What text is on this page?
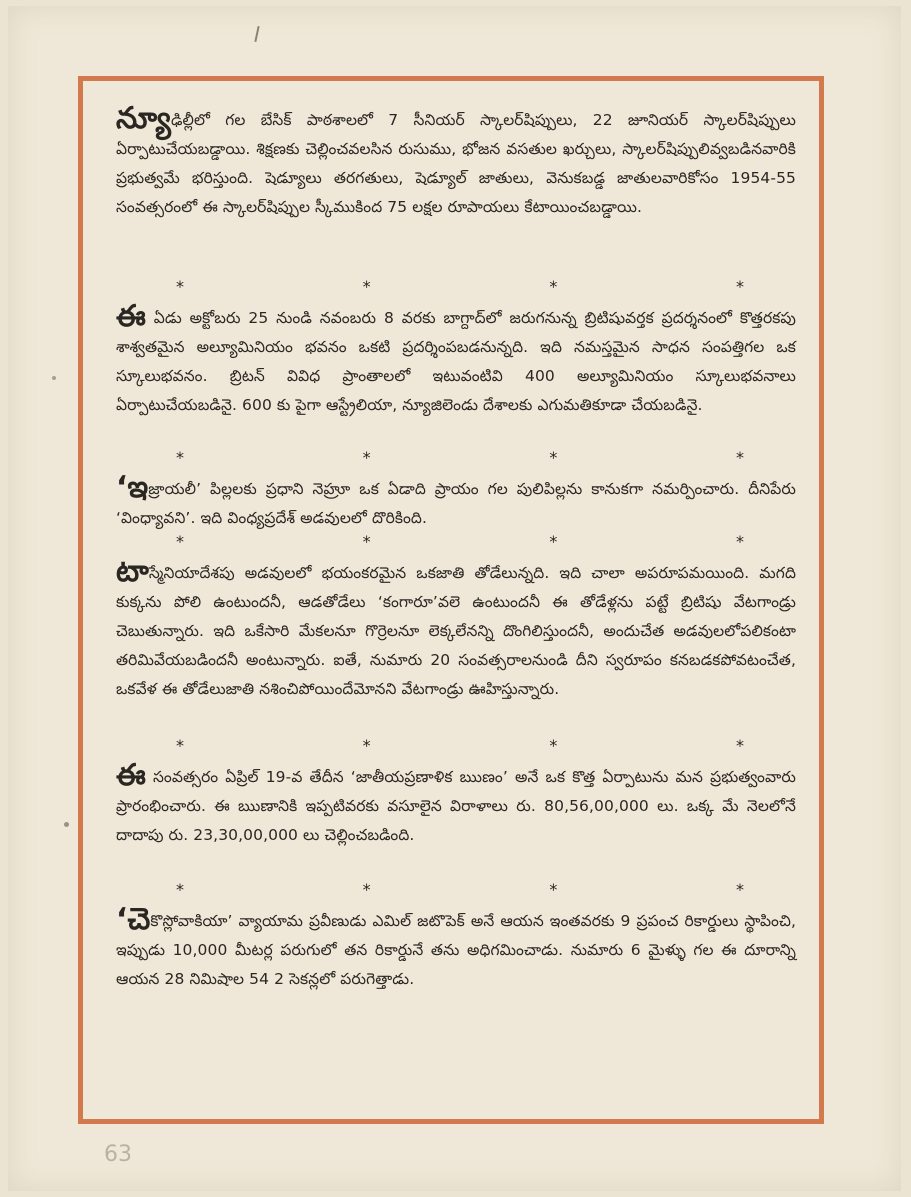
న్యూఢిల్లీలో గల బేసిక్ పాఠశాలలో 7 సీనియర్ స్కాలర్‌షిప్పులు, 22 జూనియర్ స్కాలర్‌షిప్పులు ఏర్పాటుచేయబడ్డాయి. శిక్షణకు చెల్లించవలసిన రుసుము, భోజన వసతుల ఖర్చులు, స్కాలర్‌షిప్పులివ్వబడినవారికి ప్రభుత్వమే భరిస్తుంది. షెడ్యూలు తరగతులు, షెడ్యూల్ జాతులు, వెనుకబడ్డ జాతులవారికోసం 1954-55 సంవత్సరంలో ఈ స్కాలర్‌షిప్పుల స్కీముకింద 75 లక్షల రూపాయలు కేటాయించబడ్డాయి.

*	*	*	*

ఈ ఏడు అక్టోబరు 25 నుండి నవంబరు 8 వరకు బాగ్దాద్‌లో జరుగనున్న బ్రిటిషువర్తక ప్రదర్శనంలో కొత్తరకపు శాశ్వతమైన అల్యూమినియం భవనం ఒకటి ప్రదర్శింపబడనున్నది. ఇది నమస్తమైన సాధన సంపత్తిగల ఒక స్కూలుభవనం. బ్రిటన్ వివిధ ప్రాంతాలలో ఇటువంటివి 400 అల్యూమినియం స్కూలుభవనాలు ఏర్పాటుచేయబడినై. 600 కు పైగా ఆస్ట్రేలియా, న్యూజిలెండు దేశాలకు ఎగుమతికూడా చేయబడినై.

*	*	*	*

‘ఇజ్రాయలీ’ పిల్లలకు ప్రధాని నెహ్రూ ఒక ఏడాది ప్రాయం గల పులిపిల్లను కానుకగా నమర్పించారు. దీనిపేరు ‘వింధ్యావని’. ఇది వింధ్యప్రదేశ్ అడవులలో దొరికింది.

*	*	*	*

టాస్మేనియాదేశపు అడవులలో భయంకరమైన ఒకజాతి తోడేలున్నది. ఇది చాలా అపరూపమయింది. మగది కుక్కను పోలి ఉంటుందనీ, ఆడతోడేలు ‘కంగారూ’వలె ఉంటుందనీ ఈ తోడేళ్లను పట్టే బ్రిటిషు వేటగాండ్రు చెబుతున్నారు. ఇది ఒకేసారి మేకలనూ గొర్రెలనూ లెక్కలేనన్ని దొంగిలిస్తుందనీ, అందుచేత అడవులలోపలికంటా తరిమివేయబడిందనీ అంటున్నారు. ఐతే, నుమారు 20 సంవత్సరాలనుండి దీని స్వరూపం కనబడకపోవటంచేత, ఒకవేళ ఈ తోడేలుజాతి నశించిపోయిందేమోనని వేటగాండ్రు ఊహిస్తున్నారు.

*	*	*	*

ఈ సంవత్సరం ఏప్రిల్ 19-వ తేదీన ‘జాతీయప్రణాళిక ఋణం’ అనే ఒక కొత్త ఏర్పాటును మన ప్రభుత్వంవారు ప్రారంభించారు. ఈ ఋణానికి ఇప్పటివరకు వసూలైన విరాళాలు రు. 80,56,00,000 లు. ఒక్క మే నెలలోనే దాదాపు రు. 23,30,00,000 లు చెల్లించబడింది.

*	*	*	*

‘చెకొస్లోవాకియా’ వ్యాయామ ప్రవీణుడు ఎమిల్ జటొపెక్ అనే ఆయన ఇంతవరకు 9 ప్రపంచ రికార్డులు స్థాపించి, ఇప్పుడు 10,000 మీటర్ల పరుగులో తన రికార్డునే తను అధిగమించాడు. నుమారు 6 మైళ్ళు గల ఈ దూరాన్ని ఆయన 28 నిమిషాల 54 2 సెకన్లలో పరుగెత్తాడు.

63
